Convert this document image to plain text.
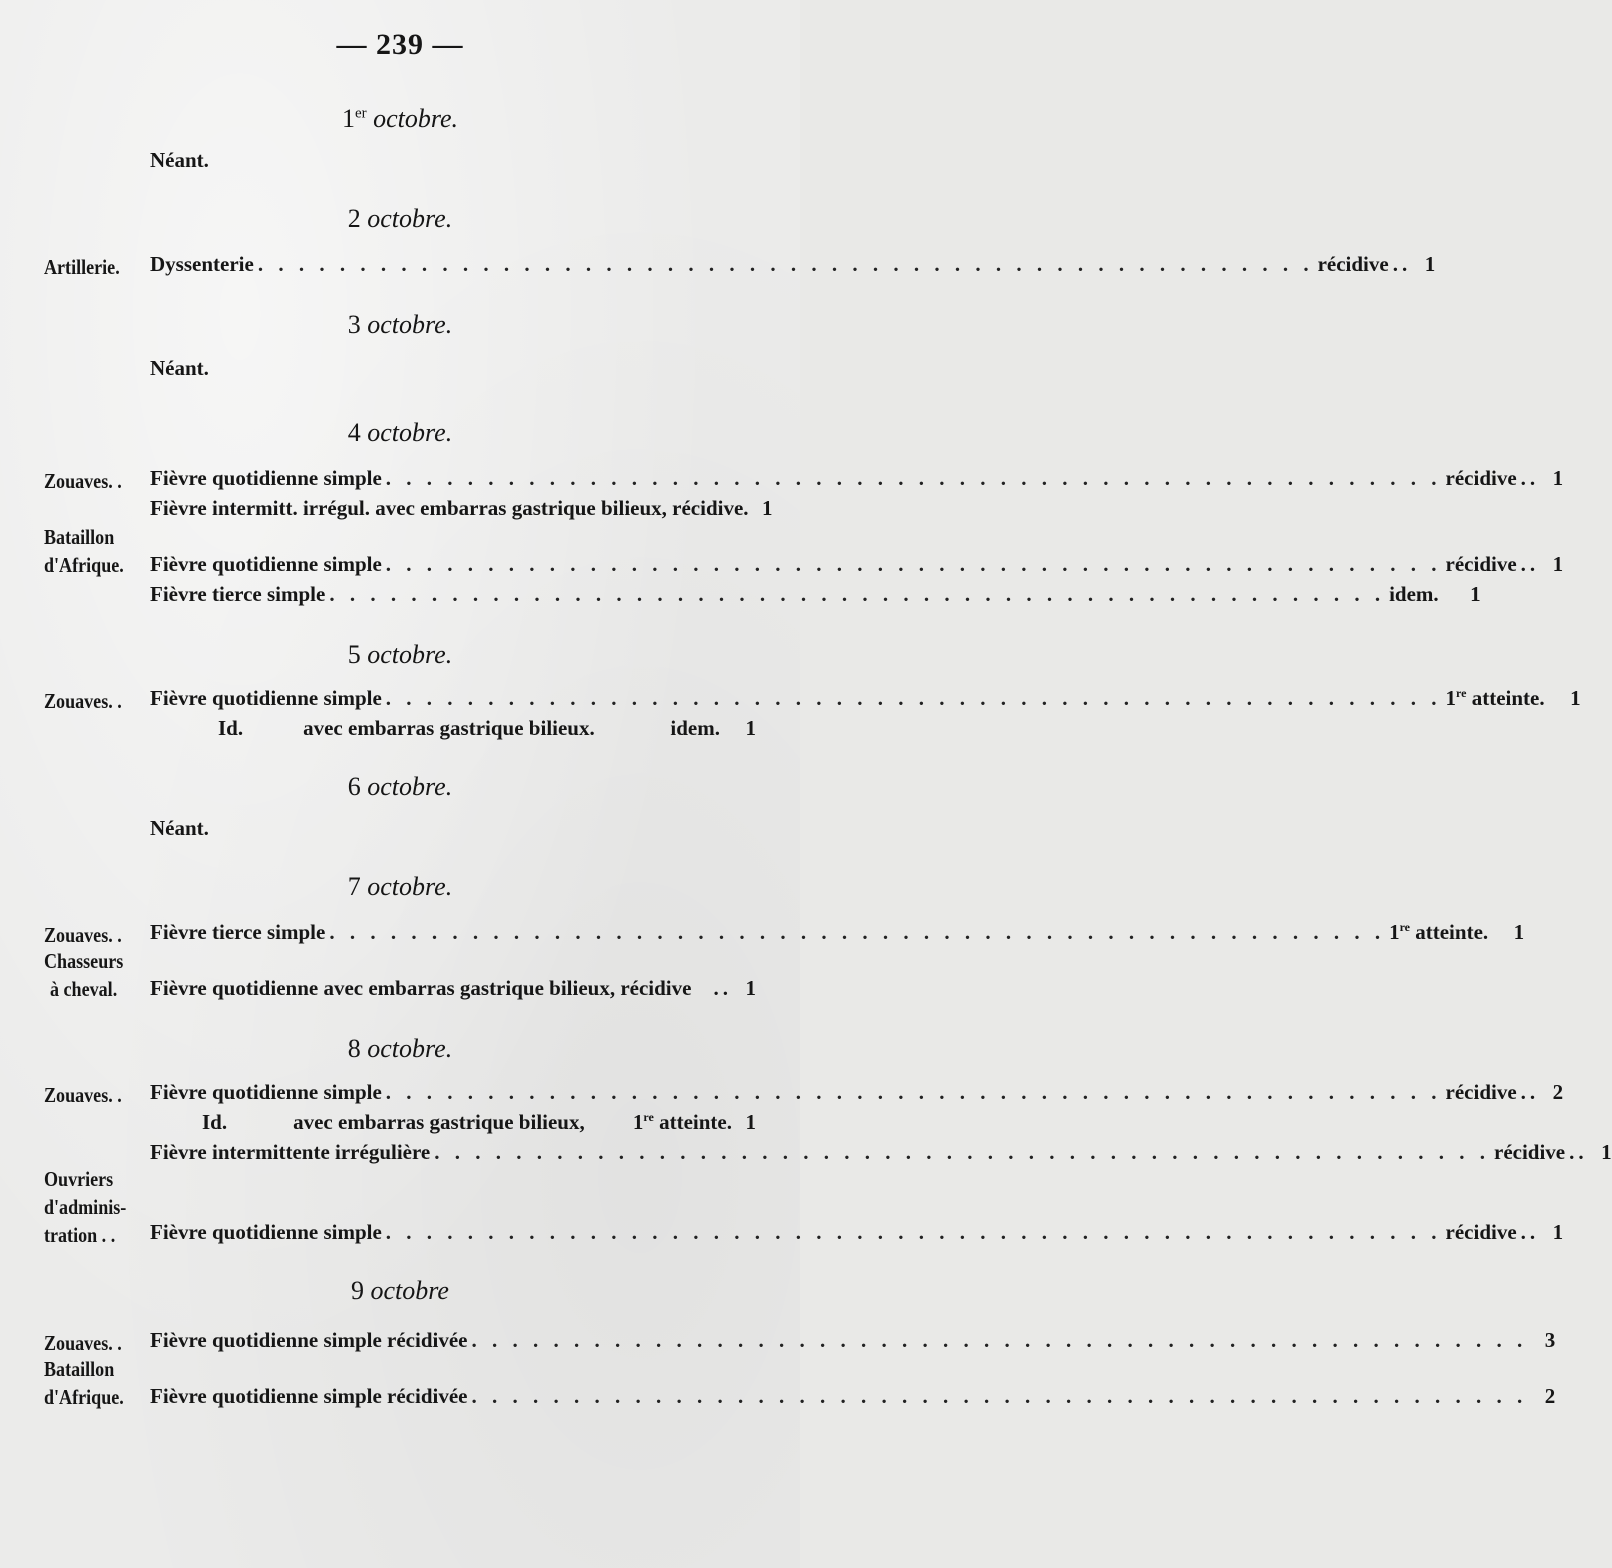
— 239 —
1er octobre.
Néant.
2 octobre.
Artillerie. Dyssenterie . . . . . . . . . . . . . . . . . . . . . . . . . . . . . . . . . . . . . . . . . . . . . . . . . . . . récidive .. 1
3 octobre.
Néant.
4 octobre.
Zouaves. . Fièvre quotidienne simple . . . . . . . . . . . . . . . . . . . . . . . . . . . . . . . . . . . . . . . . . . . . . . . . . . . . récidive .. 1
Fièvre intermitt. irrégul. avec embarras gastrique bilieux, récidive. 1
Bataillon
d'Afrique. Fièvre quotidienne simple . . . . . . . . . . . . . . . . . . . . . . . . . . . . . . . . . . . . . . . . . . . . . . . . . . . . récidive .. 1
Fièvre tierce simple . . . . . . . . . . . . . . . . . . . . . . . . . . . . . . . . . . . . . . . . . . . . . . . . . . . . idem.	1
5 octobre.
Zouaves. . Fièvre quotidienne simple . . . . . . . . . . . . . . . . . . . . . . . . . . . . . . . . . . . . . . . . . . . . . . . . . . . . 1re atteinte.	1
Id.	avec embarras gastrique bilieux.	idem.	1
6 octobre.
Néant.
7 octobre.
Zouaves. . Fièvre tierce simple . . . . . . . . . . . . . . . . . . . . . . . . . . . . . . . . . . . . . . . . . . . . . . . . . . . . 1re atteinte.	1
Chasseurs
à cheval. Fièvre quotidienne avec embarras gastrique bilieux, récidive .. 1
8 octobre.
Zouaves. . Fièvre quotidienne simple . . . . . . . . . . . . . . . . . . . . . . . . . . . . . . . . . . . . . . . . . . . . . . . . . . . . récidive .. 2
Id.	avec embarras gastrique bilieux, 1re atteinte. 1
Fièvre intermittente irrégulière . . . . . . . . . . . . . . . . . . . . . . . . . . . . . . . . . . . . . . . . . . . . . . . . . . . . récidive .. 1
Ouvriers
d'adminis-
tration . . Fièvre quotidienne simple . . . . . . . . . . . . . . . . . . . . . . . . . . . . . . . . . . . . . . . . . . . . . . . . . . . . récidive .. 1
9 octobre
Zouaves. . Fièvre quotidienne simple récidivée . . . . . . . . . . . . . . . . . . . . . . . . . . . . . . . . . . . . . . . . . . . . . . . . . . . . 3
Bataillon
d'Afrique. Fièvre quotidienne simple récidivée . . . . . . . . . . . . . . . . . . . . . . . . . . . . . . . . . . . . . . . . . . . . . . . . . . . . 2
